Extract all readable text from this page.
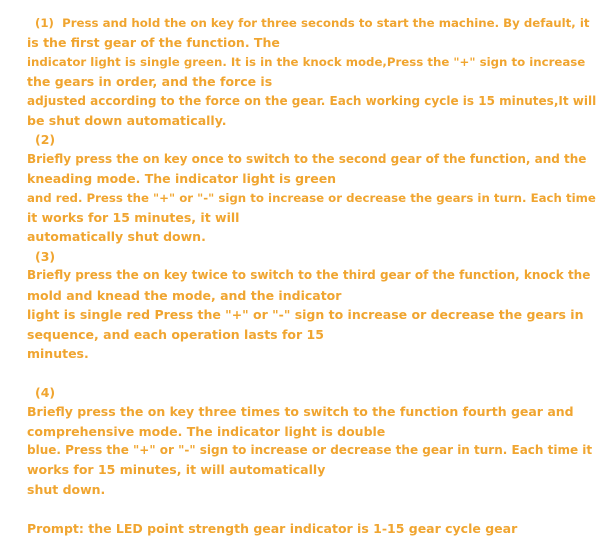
(1) Press and hold the on key for three seconds to start the machine. By default, it
is the first gear of the function. The
indicator light is single green. It is in the knock mode,Press the "+" sign to increase
the gears in order, and the force is
adjusted according to the force on the gear. Each working cycle is 15 minutes,It will
be shut down automatically.
(2)
Briefly press the on key once to switch to the second gear of the function, and the
kneading mode. The indicator light is green
and red. Press the "+" or "-" sign to increase or decrease the gears in turn. Each time
it works for 15 minutes, it will
automatically shut down.
(3)
Briefly press the on key twice to switch to the third gear of the function, knock the
mold and knead the mode, and the indicator
light is single red Press the "+" or "-" sign to increase or decrease the gears in
sequence, and each operation lasts for 15
minutes.
(4)
Briefly press the on key three times to switch to the function fourth gear and
comprehensive mode. The indicator light is double
blue. Press the "+" or "-" sign to increase or decrease the gear in turn. Each time it
works for 15 minutes, it will automatically
shut down.
Prompt: the LED point strength gear indicator is 1-15 gear cycle gear
